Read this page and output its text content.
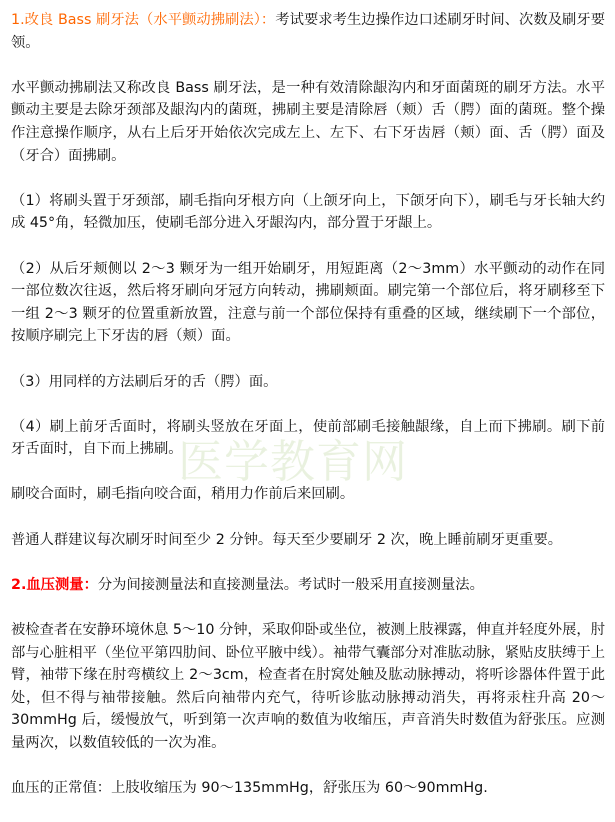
医学教育网

1.改良 Bass 刷牙法（水平颤动拂刷法）：考试要求考生边操作边口述刷牙时间、次数及刷牙要领。

水平颤动拂刷法又称改良 Bass 刷牙法，是一种有效清除龈沟内和牙面菌斑的刷牙方法。水平颤动主要是去除牙颈部及龈沟内的菌斑，拂刷主要是清除唇（颊）舌（腭）面的菌斑。整个操作注意操作顺序，从右上后牙开始依次完成左上、左下、右下牙齿唇（颊）面、舌（腭）面及（牙合）面拂刷。

（1）将刷头置于牙颈部，刷毛指向牙根方向（上颌牙向上，下颌牙向下），刷毛与牙长轴大约成 45°角，轻微加压，使刷毛部分进入牙龈沟内，部分置于牙龈上。

（2）从后牙颊侧以 2～3 颗牙为一组开始刷牙，用短距离（2～3mm）水平颤动的动作在同一部位数次往返，然后将牙刷向牙冠方向转动，拂刷颊面。刷完第一个部位后，将牙刷移至下一组 2～3 颗牙的位置重新放置，注意与前一个部位保持有重叠的区域，继续刷下一个部位，按顺序刷完上下牙齿的唇（颊）面。

（3）用同样的方法刷后牙的舌（腭）面。

（4）刷上前牙舌面时，将刷头竖放在牙面上，使前部刷毛接触龈缘，自上而下拂刷。刷下前牙舌面时，自下而上拂刷。

刷咬合面时，刷毛指向咬合面，稍用力作前后来回刷。

普通人群建议每次刷牙时间至少 2 分钟。每天至少要刷牙 2 次，晚上睡前刷牙更重要。

2.血压测量：分为间接测量法和直接测量法。考试时一般采用直接测量法。

被检查者在安静环境休息 5～10 分钟，采取仰卧或坐位，被测上肢裸露，伸直并轻度外展，肘部与心脏相平（坐位平第四肋间、卧位平腋中线）。袖带气囊部分对准肱动脉，紧贴皮肤缚于上臂，袖带下缘在肘弯横纹上 2～3cm，检查者在肘窝处触及肱动脉搏动，将听诊器体件置于此处，但不得与袖带接触。然后向袖带内充气，待听诊肱动脉搏动消失，再将汞柱升高 20～30mmHg 后，缓慢放气，听到第一次声响的数值为收缩压，声音消失时数值为舒张压。应测量两次，以数值较低的一次为准。

血压的正常值：上肢收缩压为 90～135mmHg，舒张压为 60～90mmHg.
